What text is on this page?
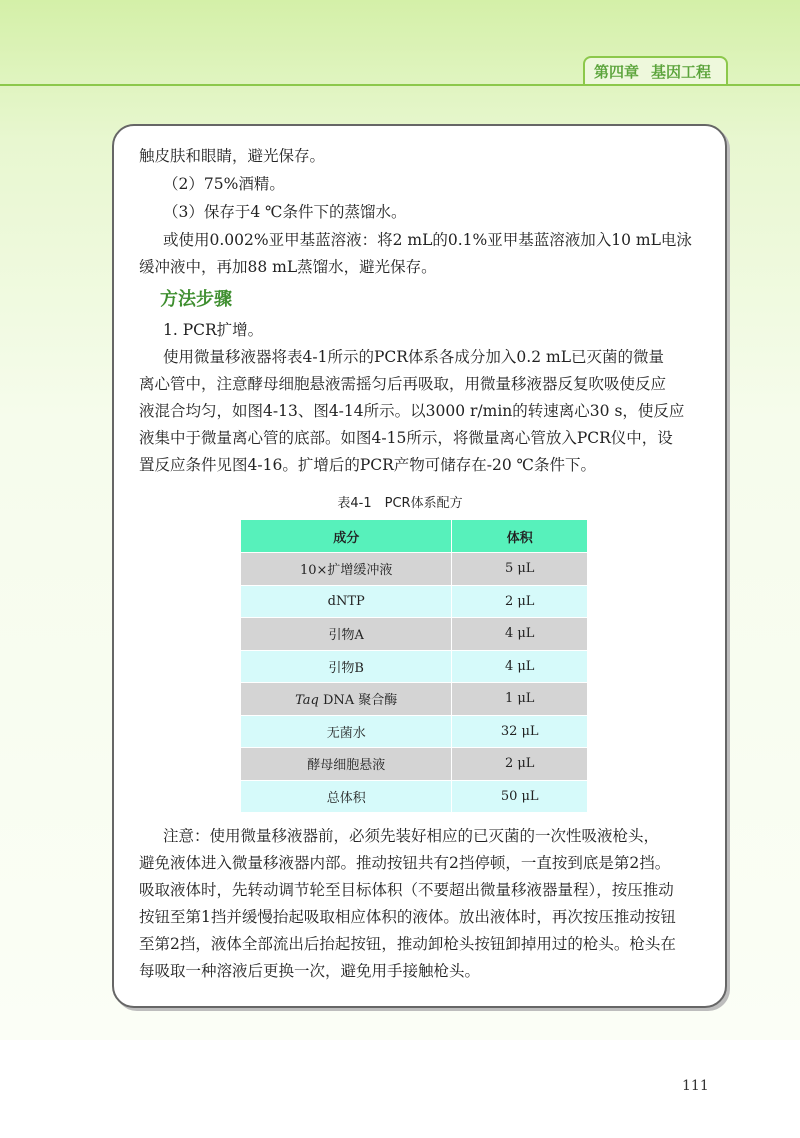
第四章 基因工程
触皮肤和眼睛，避光保存。
（2）75%酒精。
（3）保存于4 ℃条件下的蒸馏水。
或使用0.002%亚甲基蓝溶液：将2 mL的0.1%亚甲基蓝溶液加入10 mL电泳
缓冲液中，再加88 mL蒸馏水，避光保存。
方法步骤
1. PCR扩增。
使用微量移液器将表4-1所示的PCR体系各成分加入0.2 mL已灭菌的微量
离心管中，注意酵母细胞悬液需摇匀后再吸取，用微量移液器反复吹吸使反应
液混合均匀，如图4-13、图4-14所示。以3000 r/min的转速离心30 s，使反应
液集中于微量离心管的底部。如图4-15所示，将微量离心管放入PCR仪中，设
置反应条件见图4-16。扩增后的PCR产物可储存在-20 ℃条件下。
表4-1　PCR体系配方
成分	体积
10×扩增缓冲液	5 μL
dNTP	2 μL
引物A	4 μL
引物B	4 μL
Taq DNA 聚合酶	1 μL
无菌水	32 μL
酵母细胞悬液	2 μL
总体积	50 μL
注意：使用微量移液器前，必须先装好相应的已灭菌的一次性吸液枪头，
避免液体进入微量移液器内部。推动按钮共有2挡停顿，一直按到底是第2挡。
吸取液体时，先转动调节轮至目标体积（不要超出微量移液器量程），按压推动
按钮至第1挡并缓慢抬起吸取相应体积的液体。放出液体时，再次按压推动按钮
至第2挡，液体全部流出后抬起按钮，推动卸枪头按钮卸掉用过的枪头。枪头在
每吸取一种溶液后更换一次，避免用手接触枪头。
111
